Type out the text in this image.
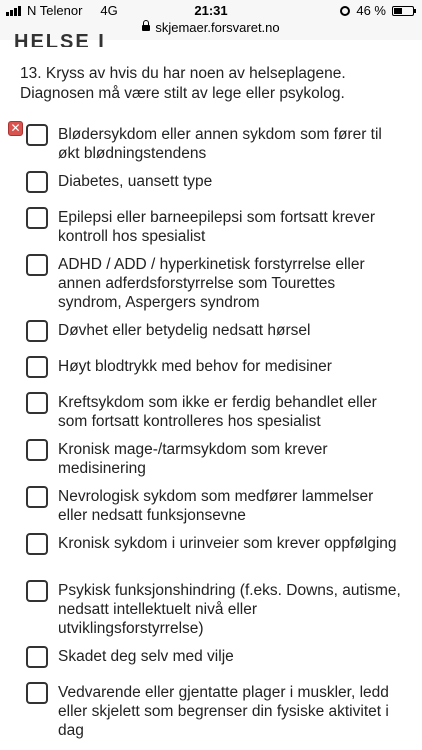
N Telenor 4G	21:31	46 %
skjemaer.forsvaret.no
HELSE I
13. Kryss av hvis du har noen av helseplagene. Diagnosen må være stilt av lege eller psykolog.
✕ Blødersykdom eller annen sykdom som fører til økt blødningstendens
Diabetes, uansett type
Epilepsi eller barneepilepsi som fortsatt krever kontroll hos spesialist
ADHD / ADD / hyperkinetisk forstyrrelse eller annen adferdsforstyrrelse som Tourettes syndrom, Aspergers syndrom
Døvhet eller betydelig nedsatt hørsel
Høyt blodtrykk med behov for medisiner
Kreftsykdom som ikke er ferdig behandlet eller som fortsatt kontrolleres hos spesialist
Kronisk mage-/tarmsykdom som krever medisinering
Nevrologisk sykdom som medfører lammelser eller nedsatt funksjonsevne
Kronisk sykdom i urinveier som krever oppfølging
Psykisk funksjonshindring (f.eks. Downs, autisme, nedsatt intellektuelt nivå eller utviklingsforstyrrelse)
Skadet deg selv med vilje
Vedvarende eller gjentatte plager i muskler, ledd eller skjelett som begrenser din fysiske aktivitet i dag
